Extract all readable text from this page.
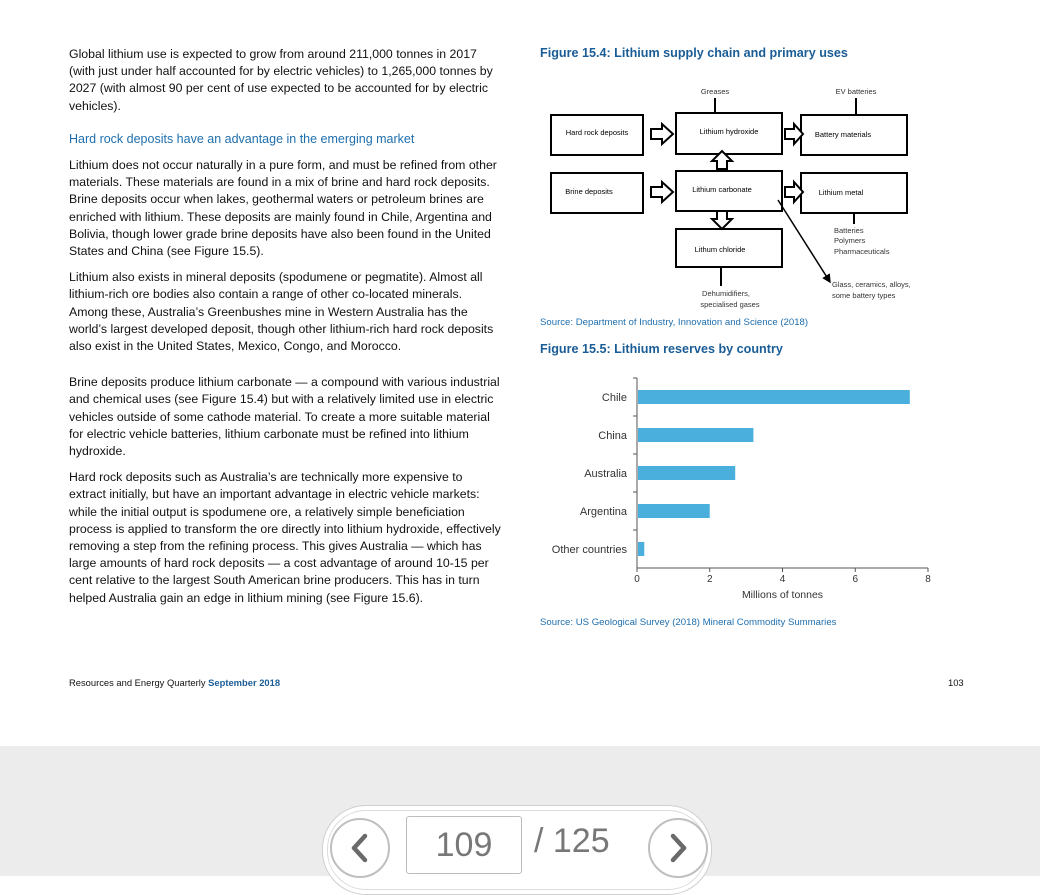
Global lithium use is expected to grow from around 211,000 tonnes in 2017 (with just under half accounted for by electric vehicles) to 1,265,000 tonnes by 2027 (with almost 90 per cent of use expected to be accounted for by electric vehicles).

Hard rock deposits have an advantage in the emerging market

Lithium does not occur naturally in a pure form, and must be refined from other materials. These materials are found in a mix of brine and hard rock deposits. Brine deposits occur when lakes, geothermal waters or petroleum brines are enriched with lithium. These deposits are mainly found in Chile, Argentina and Bolivia, though lower grade brine deposits have also been found in the United States and China (see Figure 15.5).

Lithium also exists in mineral deposits (spodumene or pegmatite). Almost all lithium-rich ore bodies also contain a range of other co-located minerals. Among these, Australia’s Greenbushes mine in Western Australia has the world’s largest developed deposit, though other lithium-rich hard rock deposits also exist in the United States, Mexico, Congo, and Morocco.

Brine deposits produce lithium carbonate — a compound with various industrial and chemical uses (see Figure 15.4) but with a relatively limited use in electric vehicles outside of some cathode material. To create a more suitable material for electric vehicle batteries, lithium carbonate must be refined into lithium hydroxide.

Hard rock deposits such as Australia’s are technically more expensive to extract initially, but have an important advantage in electric vehicle markets: while the initial output is spodumene ore, a relatively simple beneficiation process is applied to transform the ore directly into lithium hydroxide, effectively removing a step from the refining process. This gives Australia — which has large amounts of hard rock deposits — a cost advantage of around 10-15 per cent relative to the largest South American brine producers. This has in turn helped Australia gain an edge in lithium mining (see Figure 15.6).

Figure 15.4: Lithium supply chain and primary uses
Greases	EV batteries
Hard rock deposits	Lithium hydroxide	Battery materials
Brine deposits	Lithium carbonate	Lithium metal
Lithum chloride
Batteries
Polymers
Pharmaceuticals
Dehumidifiers,
specialised gases
Glass, ceramics, alloys,
some battery types
Source: Department of Industry, Innovation and Science (2018)
Figure 15.5: Lithium reserves by country
Chile
China
Australia
Argentina
Other countries
0	2	4	6	8
Millions of tonnes
Source: US Geological Survey (2018) Mineral Commodity Summaries
Resources and Energy Quarterly September 2018	103
109	/ 125
